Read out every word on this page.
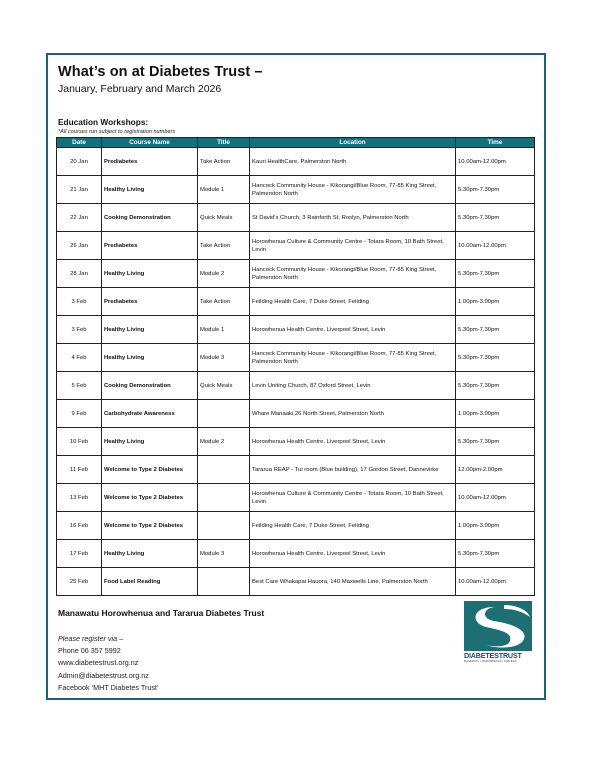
What’s on at Diabetes Trust –
January, February and March 2026
Education Workshops:
*All courses run subject to registration numbers
Date	Course Name	Title	Location	Time
20 Jan	Prediabetes	Take Action	Kauri HealthCare, Palmerston North	10.00am-12.00pm
21 Jan	Healthy Living	Module 1	Hancock Community House - Kikorangi/Blue Room, 77-85 King Street, Palmerston North	5.30pm-7.30pm
22 Jan	Cooking Demonstration	Quick Meals	St David’s Church, 3 Rainforth St, Roslyn, Palmerston North	5.30pm-7.30pm
26 Jan	Prediabetes	Take Action	Horowhenua Culture & Community Centre - Totara Room, 10 Bath Street, Levin	10.00am-12.00pm
28 Jan	Healthy Living	Module 2	Hancock Community House - Kikorangi/Blue Room, 77-85 King Street, Palmerston North	5.30pm-7.30pm
3 Feb	Prediabetes	Take Action	Feilding Health Care, 7 Duke Street, Feilding	1.00pm-3.00pm
3 Feb	Healthy Living	Module 1	Horowhenua Health Centre, Liverpool Street, Levin	5.30pm-7.30pm
4 Feb	Healthy Living	Module 3	Hancock Community House - Kikorangi/Blue Room, 77-85 King Street, Palmerston North	5.30pm-7.30pm
5 Feb	Cooking Demonstration	Quick Meals	Levin Uniting Church, 87 Oxford Street, Levin	5.30pm-7.30pm
9 Feb	Carbohydrate Awareness		Whare Manaaki,26 North Street, Palmerston North	1.00pm-3.00pm
10 Feb	Healthy Living	Module 2	Horowhenua Health Centre, Liverpool Street, Levin	5.30pm-7.30pm
11 Feb	Welcome to Type 2 Diabetes		Tararua REAP - Tui room (Blue building), 17 Gordon Street, Dannevirke	12.00pm-2.00pm
13 Feb	Welcome to Type 2 Diabetes		Horowhenua Culture & Community Centre - Totara Room, 10 Bath Street, Levin	10.00am-12.00pm
16 Feb	Welcome to Type 2 Diabetes		Feilding Health Care, 7 Duke Street, Feilding	1.00pm-3.00pm
17 Feb	Healthy Living	Module 3	Horowhenua Health Centre, Liverpool Street, Levin	5.30pm-7.30pm
25 Feb	Food Label Reading		Best Care Whakapai Hauora, 140 Maxwells Line, Palmerston North	10.00am-12.00pm
Manawatu Horowhenua and Tararua Diabetes Trust
Please register via –
Phone 06 357 5992
www.diabetestrust.org.nz
Admin@diabetestrust.org.nz
Facebook ‘MHT Diabetes Trust’
DIABETESTRUST
MANAWATU | HOROWHENUA | TARARUA
